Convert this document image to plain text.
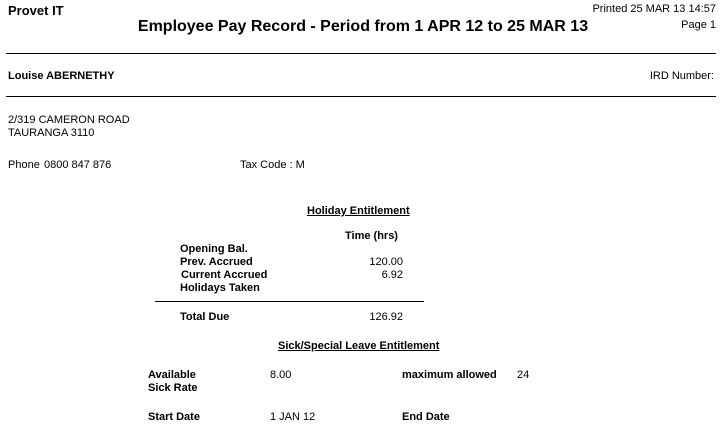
Provet IT
Employee Pay Record - Period from 1 APR 12 to 25 MAR 13
Printed 25 MAR 13 14:57
Page 1
Louise ABERNETHY	IRD Number:
2/319 CAMERON ROAD
TAURANGA 3110
Phone 0800 847 876	Tax Code : M
Holiday Entitlement
Time (hrs)
Opening Bal.
Prev. Accrued	120.00
Current Accrued	6.92
Holidays Taken
Total Due	126.92
Sick/Special Leave Entitlement
Available
Sick Rate
8.00	maximum allowed 24
Start Date	1 JAN 12	End Date
